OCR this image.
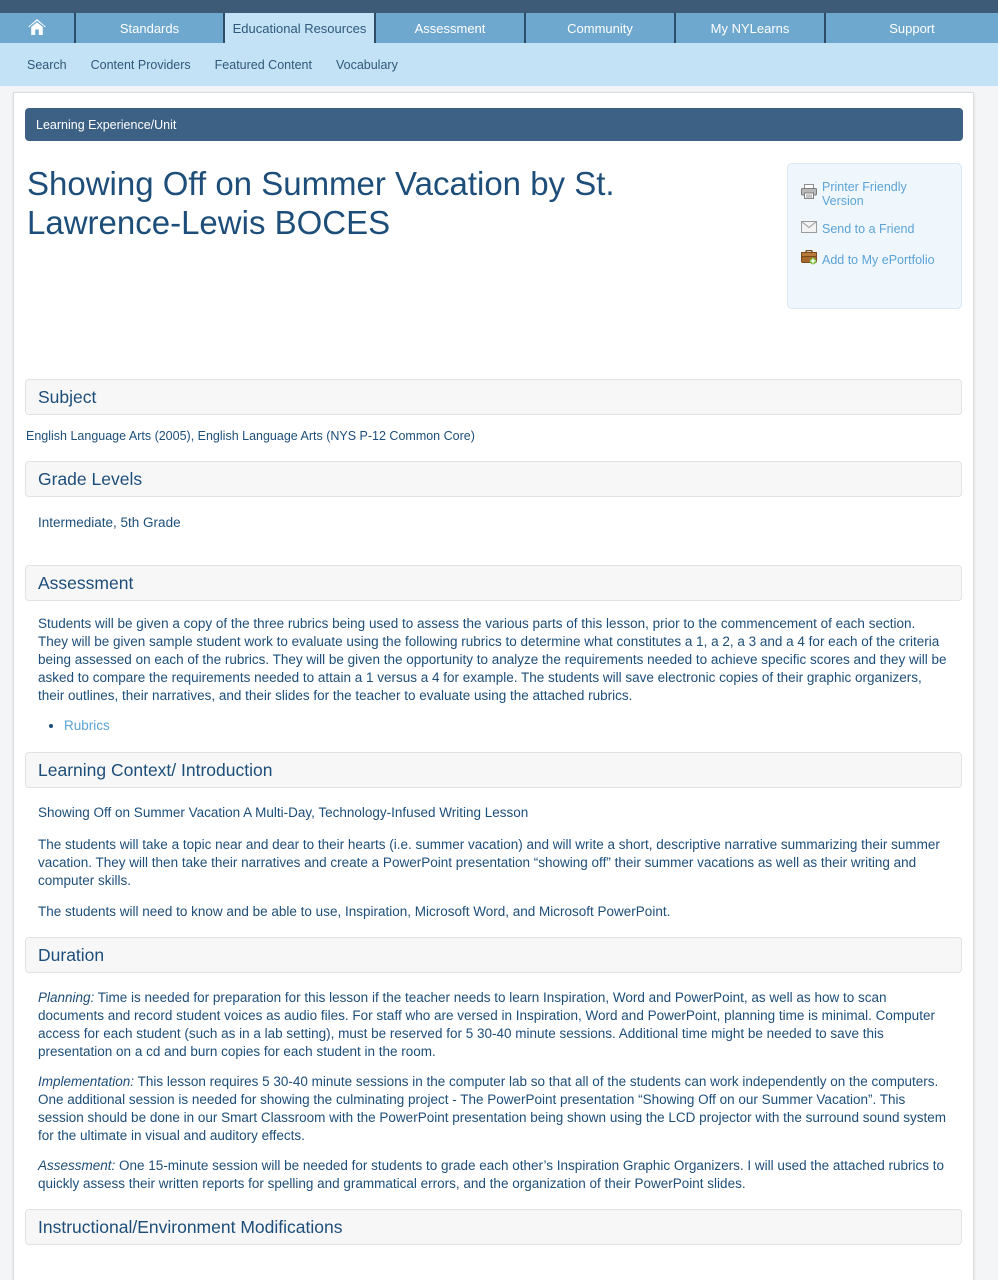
Standards	Educational Resources	Assessment	Community	My NYLearns	Support
Search Content Providers Featured Content Vocabulary
Learning Experience/Unit
Showing Off on Summer Vacation by St. Lawrence-Lewis BOCES
Printer Friendly Version
Send to a Friend
Add to My ePortfolio
Subject
English Language Arts (2005), English Language Arts (NYS P-12 Common Core)
Grade Levels
Intermediate, 5th Grade
Assessment

Students will be given a copy of the three rubrics being used to assess the various parts of this lesson, prior to the commencement of each section. They will be given sample student work to evaluate using the following rubrics to determine what constitutes a 1, a 2, a 3 and a 4 for each of the criteria being assessed on each of the rubrics. They will be given the opportunity to analyze the requirements needed to achieve specific scores and they will be asked to compare the requirements needed to attain a 1 versus a 4 for example. The students will save electronic copies of their graphic organizers, their outlines, their narratives, and their slides for the teacher to evaluate using the attached rubrics.

• Rubrics
Learning Context/ Introduction

Showing Off on Summer Vacation A Multi-Day, Technology-Infused Writing Lesson

The students will take a topic near and dear to their hearts (i.e. summer vacation) and will write a short, descriptive narrative summarizing their summer vacation. They will then take their narratives and create a PowerPoint presentation “showing off” their summer vacations as well as their writing and computer skills.

The students will need to know and be able to use, Inspiration, Microsoft Word, and Microsoft PowerPoint.

Duration

Planning: Time is needed for preparation for this lesson if the teacher needs to learn Inspiration, Word and PowerPoint, as well as how to scan documents and record student voices as audio files. For staff who are versed in Inspiration, Word and PowerPoint, planning time is minimal. Computer access for each student (such as in a lab setting), must be reserved for 5 30-40 minute sessions. Additional time might be needed to save this presentation on a cd and burn copies for each student in the room.

Implementation: This lesson requires 5 30-40 minute sessions in the computer lab so that all of the students can work independently on the computers. One additional session is needed for showing the culminating project - The PowerPoint presentation “Showing Off on our Summer Vacation”. This session should be done in our Smart Classroom with the PowerPoint presentation being shown using the LCD projector with the surround sound system for the ultimate in visual and auditory effects.

Assessment: One 15-minute session will be needed for students to grade each other’s Inspiration Graphic Organizers. I will used the attached rubrics to quickly assess their written reports for spelling and grammatical errors, and the organization of their PowerPoint slides.

Instructional/Environment Modifications
